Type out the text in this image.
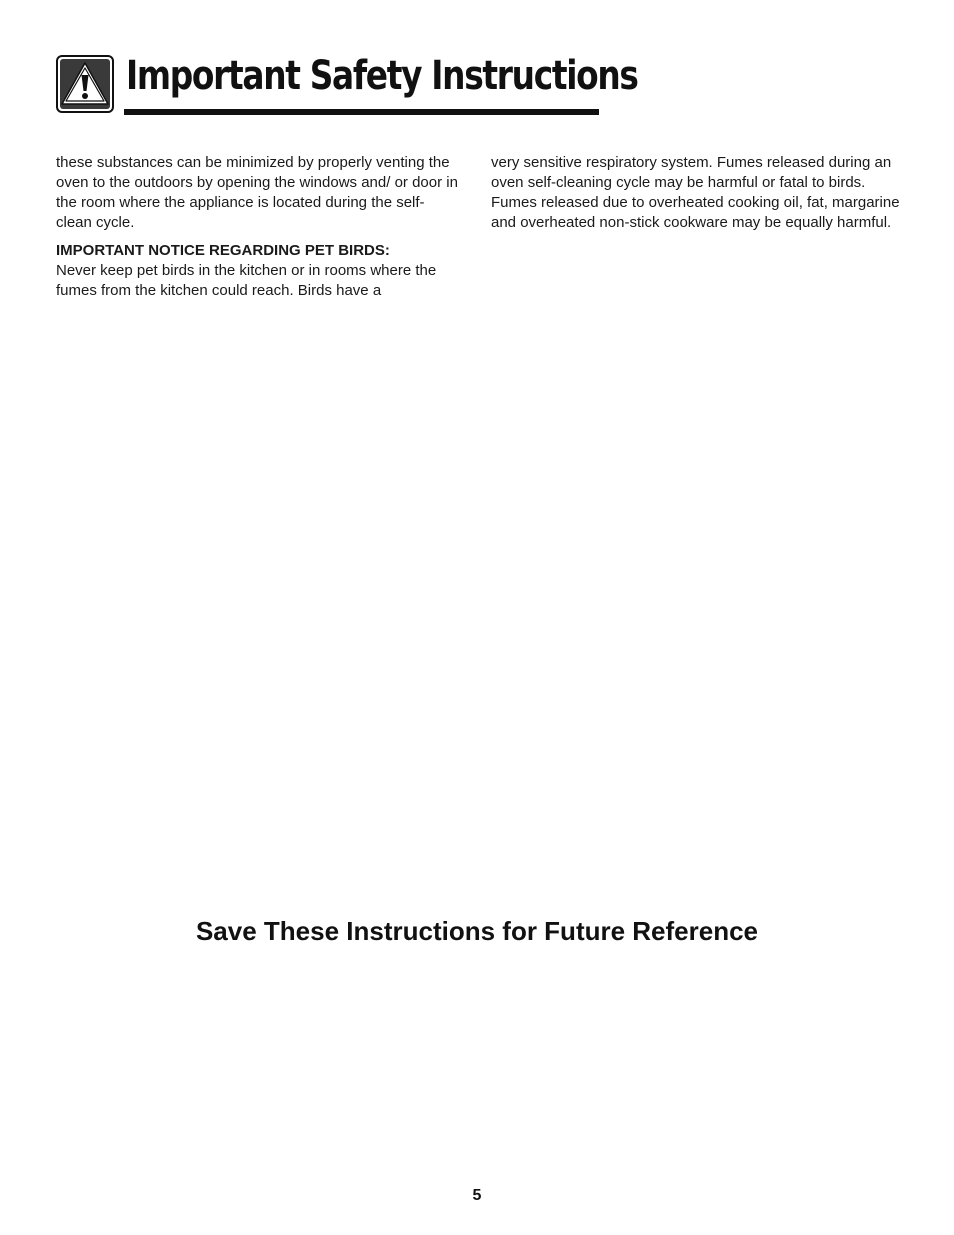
Important Safety Instructions

these substances can be minimized by properly venting the oven to the outdoors by opening the windows and/ or door in the room where the appliance is located during the self-clean cycle.

IMPORTANT NOTICE REGARDING PET BIRDS:

Never keep pet birds in the kitchen or in rooms where the fumes from the kitchen could reach. Birds have a

very sensitive respiratory system. Fumes released during an oven self-cleaning cycle may be harmful or fatal to birds. Fumes released due to overheated cooking oil, fat, margarine and overheated non-stick cookware may be equally harmful.

Save These Instructions for Future Reference
5
